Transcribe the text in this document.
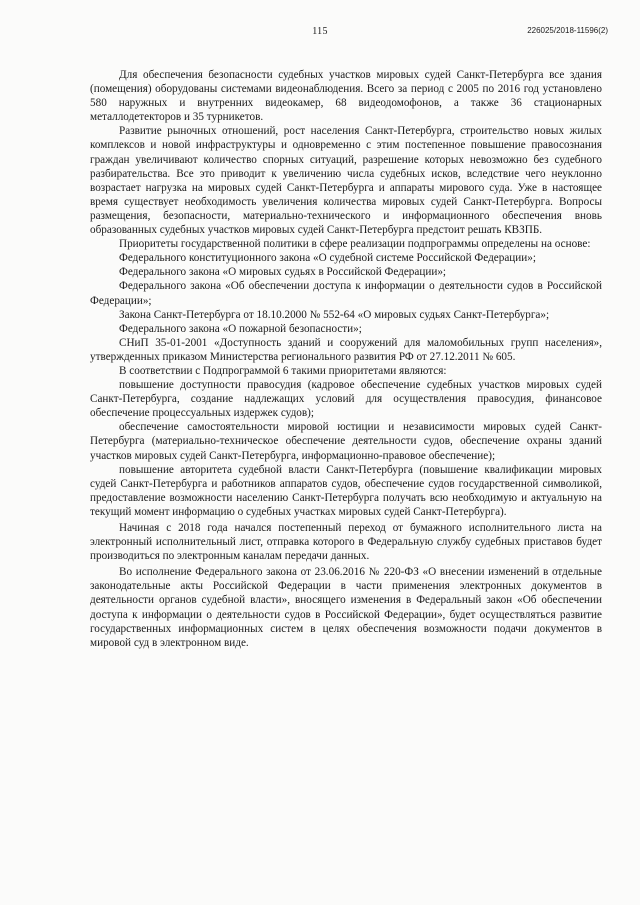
115	226025/2018-11596(2)

Для обеспечения безопасности судебных участков мировых судей Санкт-Петербурга все здания (помещения) оборудованы системами видеонаблюдения. Всего за период с 2005 по 2016 год установлено 580 наружных и внутренних видеокамер, 68 видеодомофонов, а также 36 стационарных металлодетекторов и 35 турникетов.

Развитие рыночных отношений, рост населения Санкт-Петербурга, строительство новых жилых комплексов и новой инфраструктуры и одновременно с этим постепенное повышение правосознания граждан увеличивают количество спорных ситуаций, разрешение которых невозможно без судебного разбирательства. Все это приводит к увеличению числа судебных исков, вследствие чего неуклонно возрастает нагрузка на мировых судей Санкт-Петербурга и аппараты мирового суда. Уже в настоящее время существует необходимость увеличения количества мировых судей Санкт-Петербурга. Вопросы размещения, безопасности, материально-технического и информационного обеспечения вновь образованных судебных участков мировых судей Санкт-Петербурга предстоит решать КВЗПБ.

Приоритеты государственной политики в сфере реализации подпрограммы определены на основе:

Федерального конституционного закона «О судебной системе Российской Федерации»;

Федерального закона «О мировых судьях в Российской Федерации»;

Федерального закона «Об обеспечении доступа к информации о деятельности судов в Российской Федерации»;

Закона Санкт-Петербурга от 18.10.2000 № 552-64 «О мировых судьях Санкт-Петербурга»;

Федерального закона «О пожарной безопасности»;

СНиП 35-01-2001 «Доступность зданий и сооружений для маломобильных групп населения», утвержденных приказом Министерства регионального развития РФ от 27.12.2011 № 605.

В соответствии с Подпрограммой 6 такими приоритетами являются:

повышение доступности правосудия (кадровое обеспечение судебных участков мировых судей Санкт-Петербурга, создание надлежащих условий для осуществления правосудия, финансовое обеспечение процессуальных издержек судов);

обеспечение самостоятельности мировой юстиции и независимости мировых судей Санкт-Петербурга (материально-техническое обеспечение деятельности судов, обеспечение охраны зданий участков мировых судей Санкт-Петербурга, информационно-правовое обеспечение);

повышение авторитета судебной власти Санкт-Петербурга (повышение квалификации мировых судей Санкт-Петербурга и работников аппаратов судов, обеспечение судов государственной символикой, предоставление возможности населению Санкт-Петербурга получать всю необходимую и актуальную на текущий момент информацию о судебных участках мировых судей Санкт-Петербурга).

Начиная с 2018 года начался постепенный переход от бумажного исполнительного листа на электронный исполнительный лист, отправка которого в Федеральную службу судебных приставов будет производиться по электронным каналам передачи данных.

Во исполнение Федерального закона от 23.06.2016 № 220-ФЗ «О внесении изменений в отдельные законодательные акты Российской Федерации в части применения электронных документов в деятельности органов судебной власти», вносящего изменения в Федеральный закон «Об обеспечении доступа к информации о деятельности судов в Российской Федерации», будет осуществляться развитие государственных информационных систем в целях обеспечения возможности подачи документов в мировой суд в электронном виде.
